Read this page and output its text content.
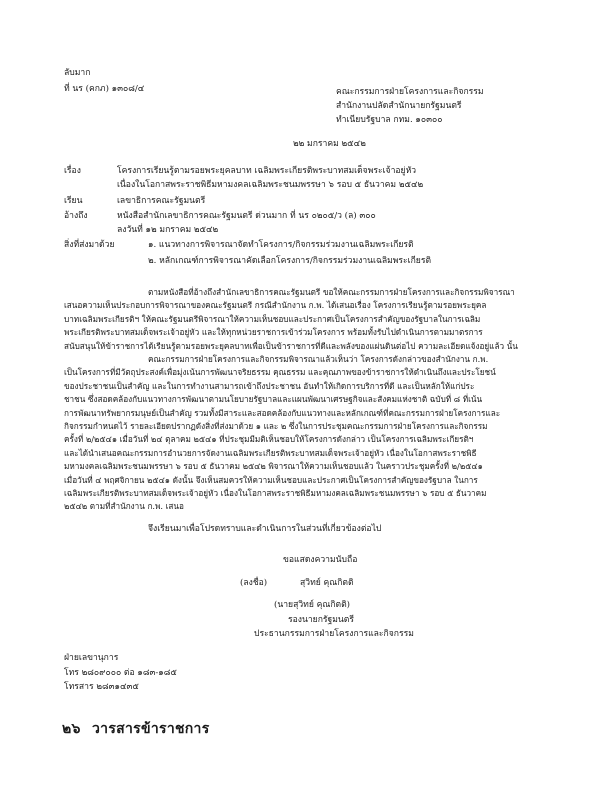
ลับมาก
ที่ นร (คกภ) ๑๓๐๘/๔	คณะกรรมการฝ่ายโครงการและกิจกรรม
สำนักงานปลัดสำนักนายกรัฐมนตรี
ทำเนียบรัฐบาล กทม. ๑๐๓๐๐
๒๒ มกราคม ๒๕๔๒
เรื่อง	โครงการเรียนรู้ตามรอยพระยุคลบาท เฉลิมพระเกียรติพระบาทสมเด็จพระเจ้าอยู่หัว
เนื่องในโอกาสพระราชพิธีมหามงคลเฉลิมพระชนมพรรษา ๖ รอบ ๕ ธันวาคม ๒๕๔๒
เรียน	เลขาธิการคณะรัฐมนตรี
อ้างถึง	หนังสือสำนักเลขาธิการคณะรัฐมนตรี ด่วนมาก ที่ นร ๐๒๐๕/ว (ล) ๓๐๐
ลงวันที่ ๑๒ มกราคม ๒๕๔๒
สิ่งที่ส่งมาด้วย	๑. แนวทางการพิจารณาจัดทำโครงการ/กิจกรรมร่วมงานเฉลิมพระเกียรติ
๒. หลักเกณฑ์การพิจารณาคัดเลือกโครงการ/กิจกรรมร่วมงานเฉลิมพระเกียรติ
ตามหนังสือที่อ้างถึงสำนักเลขาธิการคณะรัฐมนตรี ขอให้คณะกรรมการฝ่ายโครงการและกิจกรรมพิจารณา
เสนอความเห็นประกอบการพิจารณาของคณะรัฐมนตรี กรณีสำนักงาน ก.พ. ได้เสนอเรื่อง โครงการเรียนรู้ตามรอยพระยุคล
บาทเฉลิมพระเกียรติฯ ให้คณะรัฐมนตรีพิจารณาให้ความเห็นชอบและประกาศเป็นโครงการสำคัญของรัฐบาลในการเฉลิม
พระเกียรติพระบาทสมเด็จพระเจ้าอยู่หัว และให้ทุกหน่วยราชการเข้าร่วมโครงการ พร้อมทั้งรับไปดำเนินการตามมาตรการ
สนับสนุนให้ข้าราชการได้เรียนรู้ตามรอยพระยุคลบาทเพื่อเป็นข้าราชการที่ดีและพลังของแผ่นดินต่อไป ความละเอียดแจ้งอยู่แล้ว นั้น
คณะกรรมการฝ่ายโครงการและกิจกรรมพิจารณาแล้วเห็นว่า โครงการดังกล่าวของสำนักงาน ก.พ.
เป็นโครงการที่มีวัตถุประสงค์เพื่อมุ่งเน้นการพัฒนาจริยธรรม คุณธรรม และคุณภาพของข้าราชการให้ดำเนินถึงและประโยชน์
ของประชาชนเป็นสำคัญ และในการทำงานสามารถเข้าถึงประชาชน อันทำให้เกิดการบริการที่ดี และเป็นหลักให้แก่ประ
ชาชน ซึ่งสอดคล้องกับแนวทางการพัฒนาตามนโยบายรัฐบาลและแผนพัฒนาเศรษฐกิจและสังคมแห่งชาติ ฉบับที่ ๘ ที่เน้น
การพัฒนาทรัพยากรมนุษย์เป็นสำคัญ รวมทั้งมีสาระและสอดคล้องกับแนวทางและหลักเกณฑ์ที่คณะกรรมการฝ่ายโครงการและ
กิจกรรมกำหนดไว้ รายละเอียดปรากฏดังสิ่งที่ส่งมาด้วย ๑ และ ๒ ซึ่งในการประชุมคณะกรรมการฝ่ายโครงการและกิจกรรม
ครั้งที่ ๒/๒๕๔๑ เมื่อวันที่ ๒๔ ตุลาคม ๒๕๔๑ ที่ประชุมมีมติเห็นชอบให้โครงการดังกล่าว เป็นโครงการเฉลิมพระเกียรติฯ
และได้นำเสนอคณะกรรมการอำนวยการจัดงานเฉลิมพระเกียรติพระบาทสมเด็จพระเจ้าอยู่หัว เนื่องในโอกาสพระราชพิธี
มหามงคลเฉลิมพระชนมพรรษา ๖ รอบ ๕ ธันวาคม ๒๕๔๒ พิจารณาให้ความเห็นชอบแล้ว ในคราวประชุมครั้งที่ ๒/๒๕๔๑
เมื่อวันที่ ๔ พฤศจิกายน ๒๕๔๑ ดังนั้น จึงเห็นสมควรให้ความเห็นชอบและประกาศเป็นโครงการสำคัญของรัฐบาล ในการ
เฉลิมพระเกียรติพระบาทสมเด็จพระเจ้าอยู่หัว เนื่องในโอกาสพระราชพิธีมหามงคลเฉลิมพระชนมพรรษา ๖ รอบ ๕ ธันวาคม
๒๕๔๒ ตามที่สำนักงาน ก.พ. เสนอ
จึงเรียนมาเพื่อโปรดทราบและดำเนินการในส่วนที่เกี่ยวข้องต่อไป
ขอแสดงความนับถือ
(ลงชื่อ)	สุวิทย์ คุณกิตติ
(นายสุวิทย์ คุณกิตติ)
รองนายกรัฐมนตรี
ประธานกรรมการฝ่ายโครงการและกิจกรรม
ฝ่ายเลขานุการ
โทร ๒๘๐๙๐๐๐ ต่อ ๑๘๓-๑๘๕
โทรสาร ๒๘๓๑๔๓๕
๒๖ วารสารข้าราชการ
